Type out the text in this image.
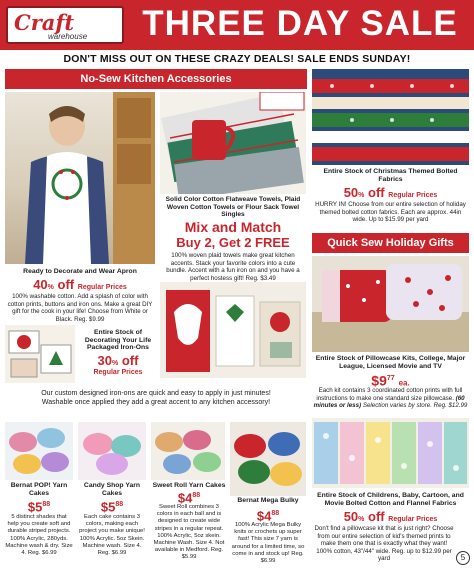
Craft
warehouse THREE DAY SALE
DON'T MISS OUT ON THESE CRAZY DEALS! SALE ENDS SUNDAY!
No-Sew Kitchen Accessories
Solid Color Cotton Flatweave Towels, Plaid Woven Cotton Towels or Flour Sack Towel Singles
Mix and Match
Buy 2, Get 2 FREE
100% woven plaid towels make great kitchen accents. Stack your favorite colors into a cute bundle. Accent with a fun iron on and you have a perfect hostess gift! Reg. $3.49
Ready to Decorate and Wear Apron
40% off Regular Prices
100% washable cotton. Add a splash of color with cotton prints, buttons and iron ons. Make a great DIY gift for the cook in your life! Choose from White or Black. Reg. $9.99
Entire Stock of Decorating Your Life Packaged Iron-Ons
30% off
Regular Prices
Our custom designed iron-ons are quick and easy to apply in just minutes!
Washable once applied they add a great accent to any kitchen accessory!
Bernat POP! Yarn Cakes
$\$5^{88}$
5 distinct shades that help you create soft and durable striped projects. 100% Acrylic, 280yds. Machine wash & dry. Size 4. Reg. $6.99
Candy Shop Yarn Cakes
$\$5^{88}$
Each cake contains 3 colors, making each project you make unique! 100% Acrylic. 5oz Skein. Machine wash. Size 4. Reg. $6.99
Sweet Roll Yarn Cakes
$\$4^{88}$
Sweet Roll combines 3 colors in each ball and is designed to create wide stripes in a regular repeat. 100% Acrylic, 5oz skein. Machine Wash. Size 4. Not available in Medford. Reg. $5.99
Bernat Mega Bulky
$\$4^{88}$
100% Acrylic Mega Bulky knits or crochets up super fast! This size 7 yarn is around for a limited time, so come in and stock up! Reg. $6.99
Entire Stock of Christmas Themed Bolted Fabrics
50% off Regular Prices
HURRY IN! Choose from our entire selection of holiday themed bolted cotton fabrics. Each are approx. 44in wide. Up to $15.99 per yard
Quick Sew Holiday Gifts
Entire Stock of Pillowcase Kits, College, Major League, Licensed Movie and TV
$\$9^{77}$ ea.
Each kit contains 3 coordinated cotton prints with full instructions to make one standard size pillowcase. (60 minutes or less) Selection varies by store. Reg. $12.99
Entire Stock of Childrens, Baby, Cartoon, and Movie Bolted Cotton and Flannel Fabrics
50% off Regular Prices
Don't find a pillowcase kit that is just right? Choose from our entire selection of kid's themed prints to make them one that is exactly what they want! 100% cotton, 43"/44" wide. Reg. up to $12.99 per yard	5
